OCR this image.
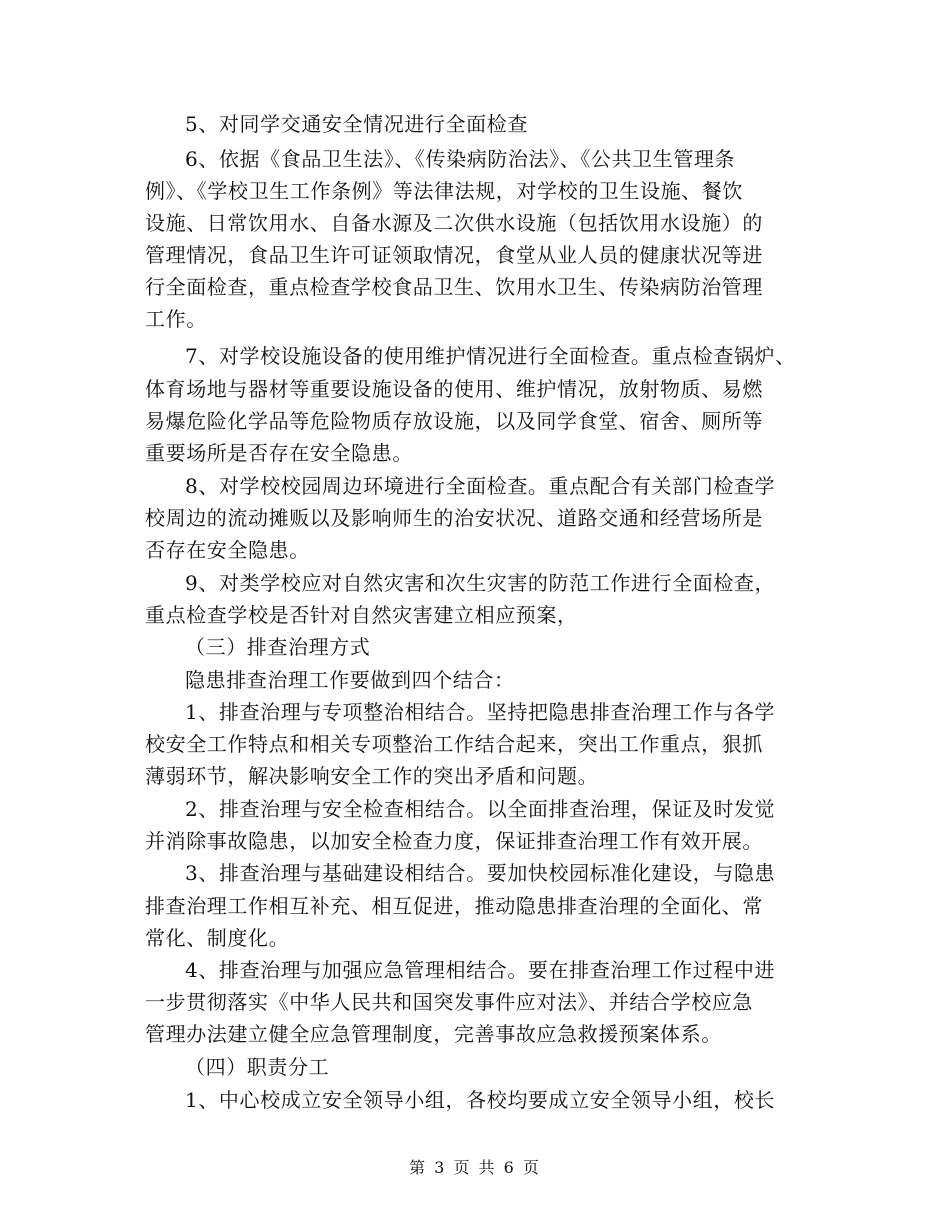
5、对同学交通安全情况进行全面检查
6、依据《食品卫生法》、《传染病防治法》、《公共卫生管理条
例》、《学校卫生工作条例》等法律法规，对学校的卫生设施、餐饮
设施、日常饮用水、自备水源及二次供水设施（包括饮用水设施）的
管理情况，食品卫生许可证领取情况，食堂从业人员的健康状况等进
行全面检查，重点检查学校食品卫生、饮用水卫生、传染病防治管理
工作。
7、对学校设施设备的使用维护情况进行全面检查。重点检查锅炉、
体育场地与器材等重要设施设备的使用、维护情况，放射物质、易燃
易爆危险化学品等危险物质存放设施，以及同学食堂、宿舍、厕所等
重要场所是否存在安全隐患。
8、对学校校园周边环境进行全面检查。重点配合有关部门检查学
校周边的流动摊贩以及影响师生的治安状况、道路交通和经营场所是
否存在安全隐患。
9、对类学校应对自然灾害和次生灾害的防范工作进行全面检查，
重点检查学校是否针对自然灾害建立相应预案，
（三）排查治理方式
隐患排查治理工作要做到四个结合：
1、排查治理与专项整治相结合。坚持把隐患排查治理工作与各学
校安全工作特点和相关专项整治工作结合起来，突出工作重点，狠抓
薄弱环节，解决影响安全工作的突出矛盾和问题。
2、排查治理与安全检查相结合。以全面排查治理，保证及时发觉
并消除事故隐患，以加安全检查力度，保证排查治理工作有效开展。
3、排查治理与基础建设相结合。要加快校园标准化建设，与隐患
排查治理工作相互补充、相互促进，推动隐患排查治理的全面化、常
常化、制度化。
4、排查治理与加强应急管理相结合。要在排查治理工作过程中进
一步贯彻落实《中华人民共和国突发事件应对法》、并结合学校应急
管理办法建立健全应急管理制度，完善事故应急救援预案体系。
（四）职责分工
1、中心校成立安全领导小组，各校均要成立安全领导小组，校长
第 3 页 共 6 页
